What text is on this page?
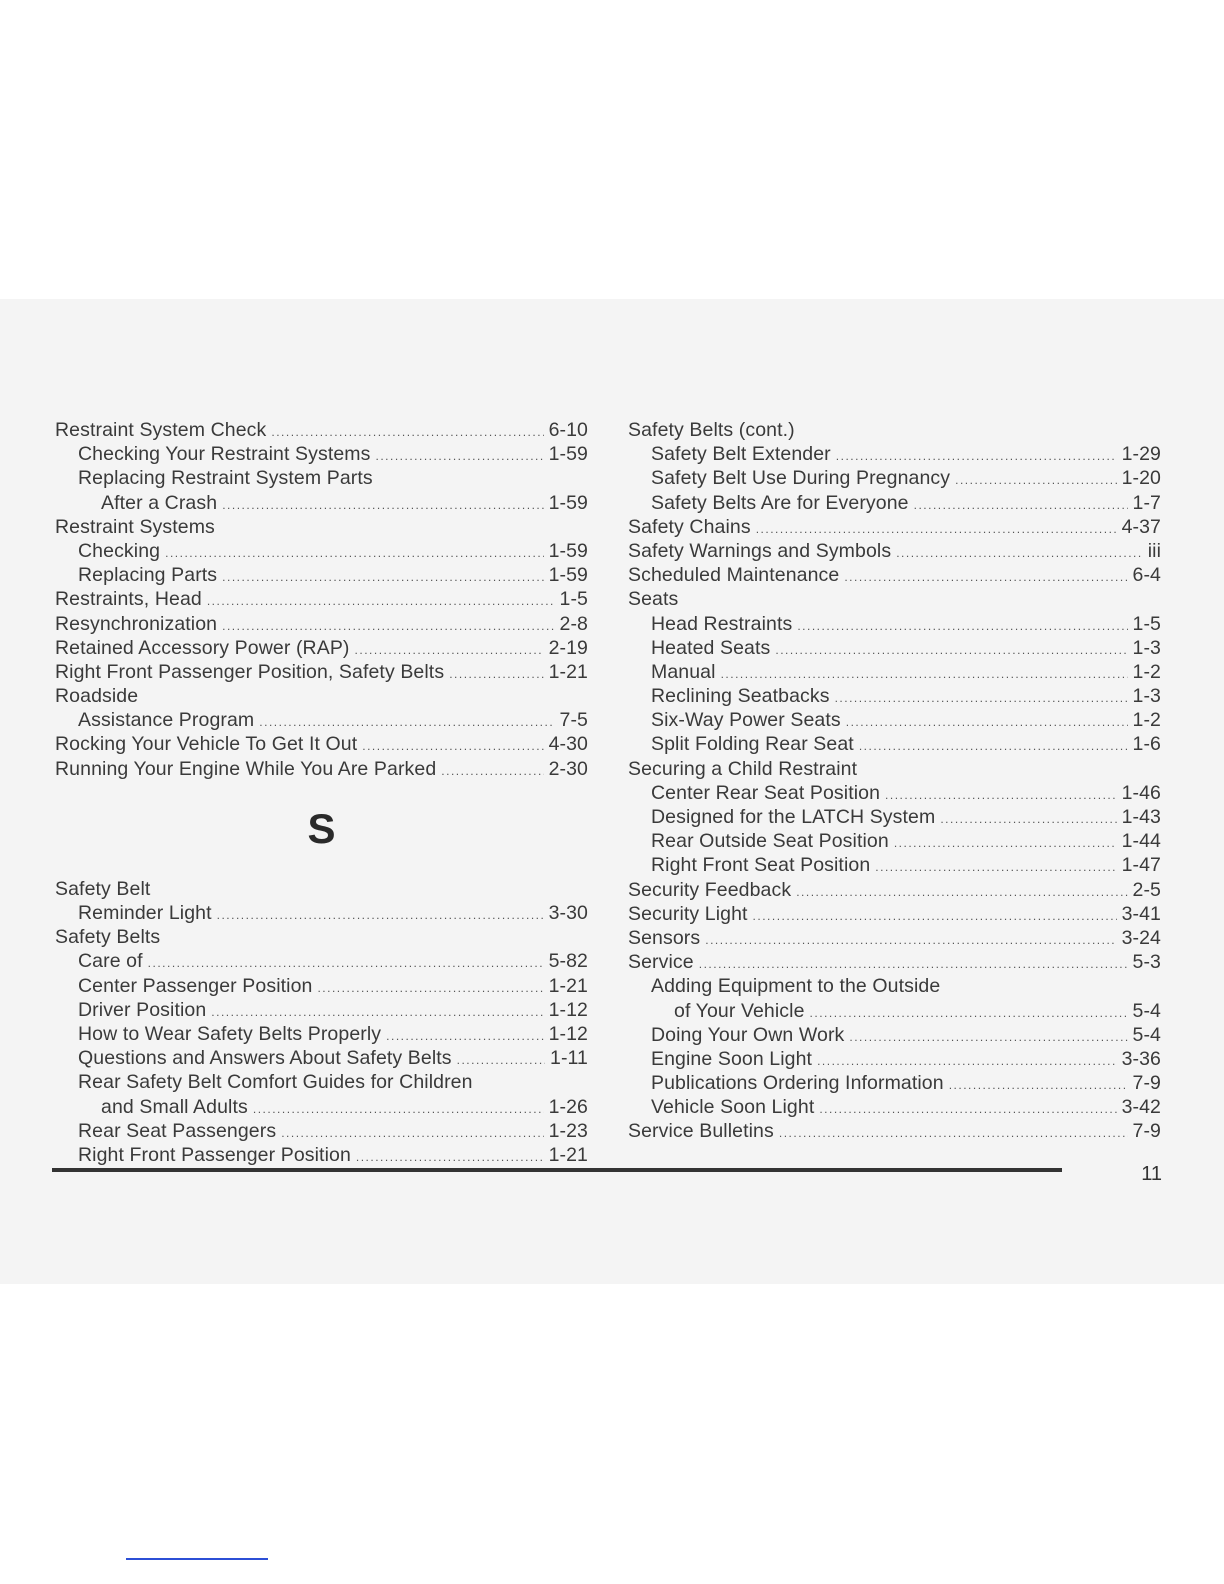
Restraint System Check .....	6-10
Checking Your Restraint Systems .....	1-59
Replacing Restraint System Parts
After a Crash .....	1-59
Restraint Systems
Checking .....	1-59
Replacing Parts .....	1-59
Restraints, Head .....	1-5
Resynchronization .....	2-8
Retained Accessory Power (RAP) .....	2-19
Right Front Passenger Position, Safety Belts .....	1-21
Roadside
Assistance Program .....	7-5
Rocking Your Vehicle To Get It Out .....	4-30
Running Your Engine While You Are Parked .....	2-30
S
Safety Belt
Reminder Light .....	3-30
Safety Belts
Care of .....	5-82
Center Passenger Position .....	1-21
Driver Position .....	1-12
How to Wear Safety Belts Properly .....	1-12
Questions and Answers About Safety Belts .....	1-11
Rear Safety Belt Comfort Guides for Children
and Small Adults .....	1-26
Rear Seat Passengers .....	1-23
Right Front Passenger Position .....	1-21
Safety Belts (cont.)
Safety Belt Extender .....	1-29
Safety Belt Use During Pregnancy .....	1-20
Safety Belts Are for Everyone .....	1-7
Safety Chains .....	4-37
Safety Warnings and Symbols .....	iii
Scheduled Maintenance .....	6-4
Seats
Head Restraints .....	1-5
Heated Seats .....	1-3
Manual .....	1-2
Reclining Seatbacks .....	1-3
Six-Way Power Seats .....	1-2
Split Folding Rear Seat .....	1-6
Securing a Child Restraint
Center Rear Seat Position .....	1-46
Designed for the LATCH System .....	1-43
Rear Outside Seat Position .....	1-44
Right Front Seat Position .....	1-47
Security Feedback .....	2-5
Security Light .....	3-41
Sensors .....	3-24
Service .....	5-3
Adding Equipment to the Outside
of Your Vehicle .....	5-4
Doing Your Own Work .....	5-4
Engine Soon Light .....	3-36
Publications Ordering Information .....	7-9
Vehicle Soon Light .....	3-42
Service Bulletins .....	7-9
11
